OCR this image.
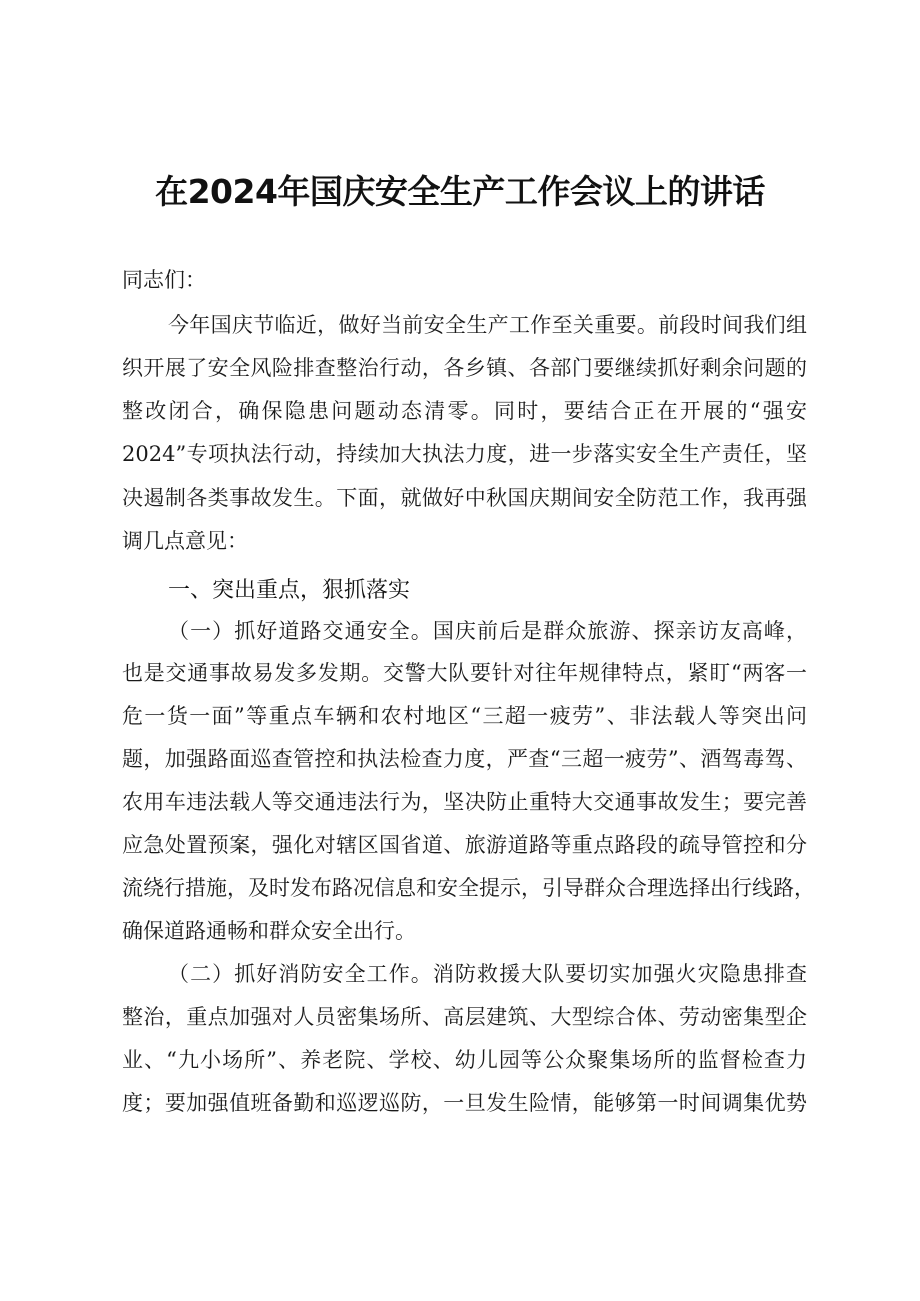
在2024年国庆安全生产工作会议上的讲话
同志们：
今年国庆节临近，做好当前安全生产工作至关重要。前段时间我们组
织开展了安全风险排查整治行动，各乡镇、各部门要继续抓好剩余问题的
整改闭合，确保隐患问题动态清零。同时，要结合正在开展的“强安
2024”专项执法行动，持续加大执法力度，进一步落实安全生产责任，坚
决遏制各类事故发生。下面，就做好中秋国庆期间安全防范工作，我再强
调几点意见：
一、突出重点，狠抓落实
（一）抓好道路交通安全。国庆前后是群众旅游、探亲访友高峰，
也是交通事故易发多发期。交警大队要针对往年规律特点，紧盯“两客一
危一货一面”等重点车辆和农村地区“三超一疲劳”、非法载人等突出问
题，加强路面巡查管控和执法检查力度，严查“三超一疲劳”、酒驾毒驾、
农用车违法载人等交通违法行为，坚决防止重特大交通事故发生；要完善
应急处置预案，强化对辖区国省道、旅游道路等重点路段的疏导管控和分
流绕行措施，及时发布路况信息和安全提示，引导群众合理选择出行线路，
确保道路通畅和群众安全出行。
（二）抓好消防安全工作。消防救援大队要切实加强火灾隐患排查
整治，重点加强对人员密集场所、高层建筑、大型综合体、劳动密集型企
业、“九小场所”、养老院、学校、幼儿园等公众聚集场所的监督检查力
度；要加强值班备勤和巡逻巡防，一旦发生险情，能够第一时间调集优势
